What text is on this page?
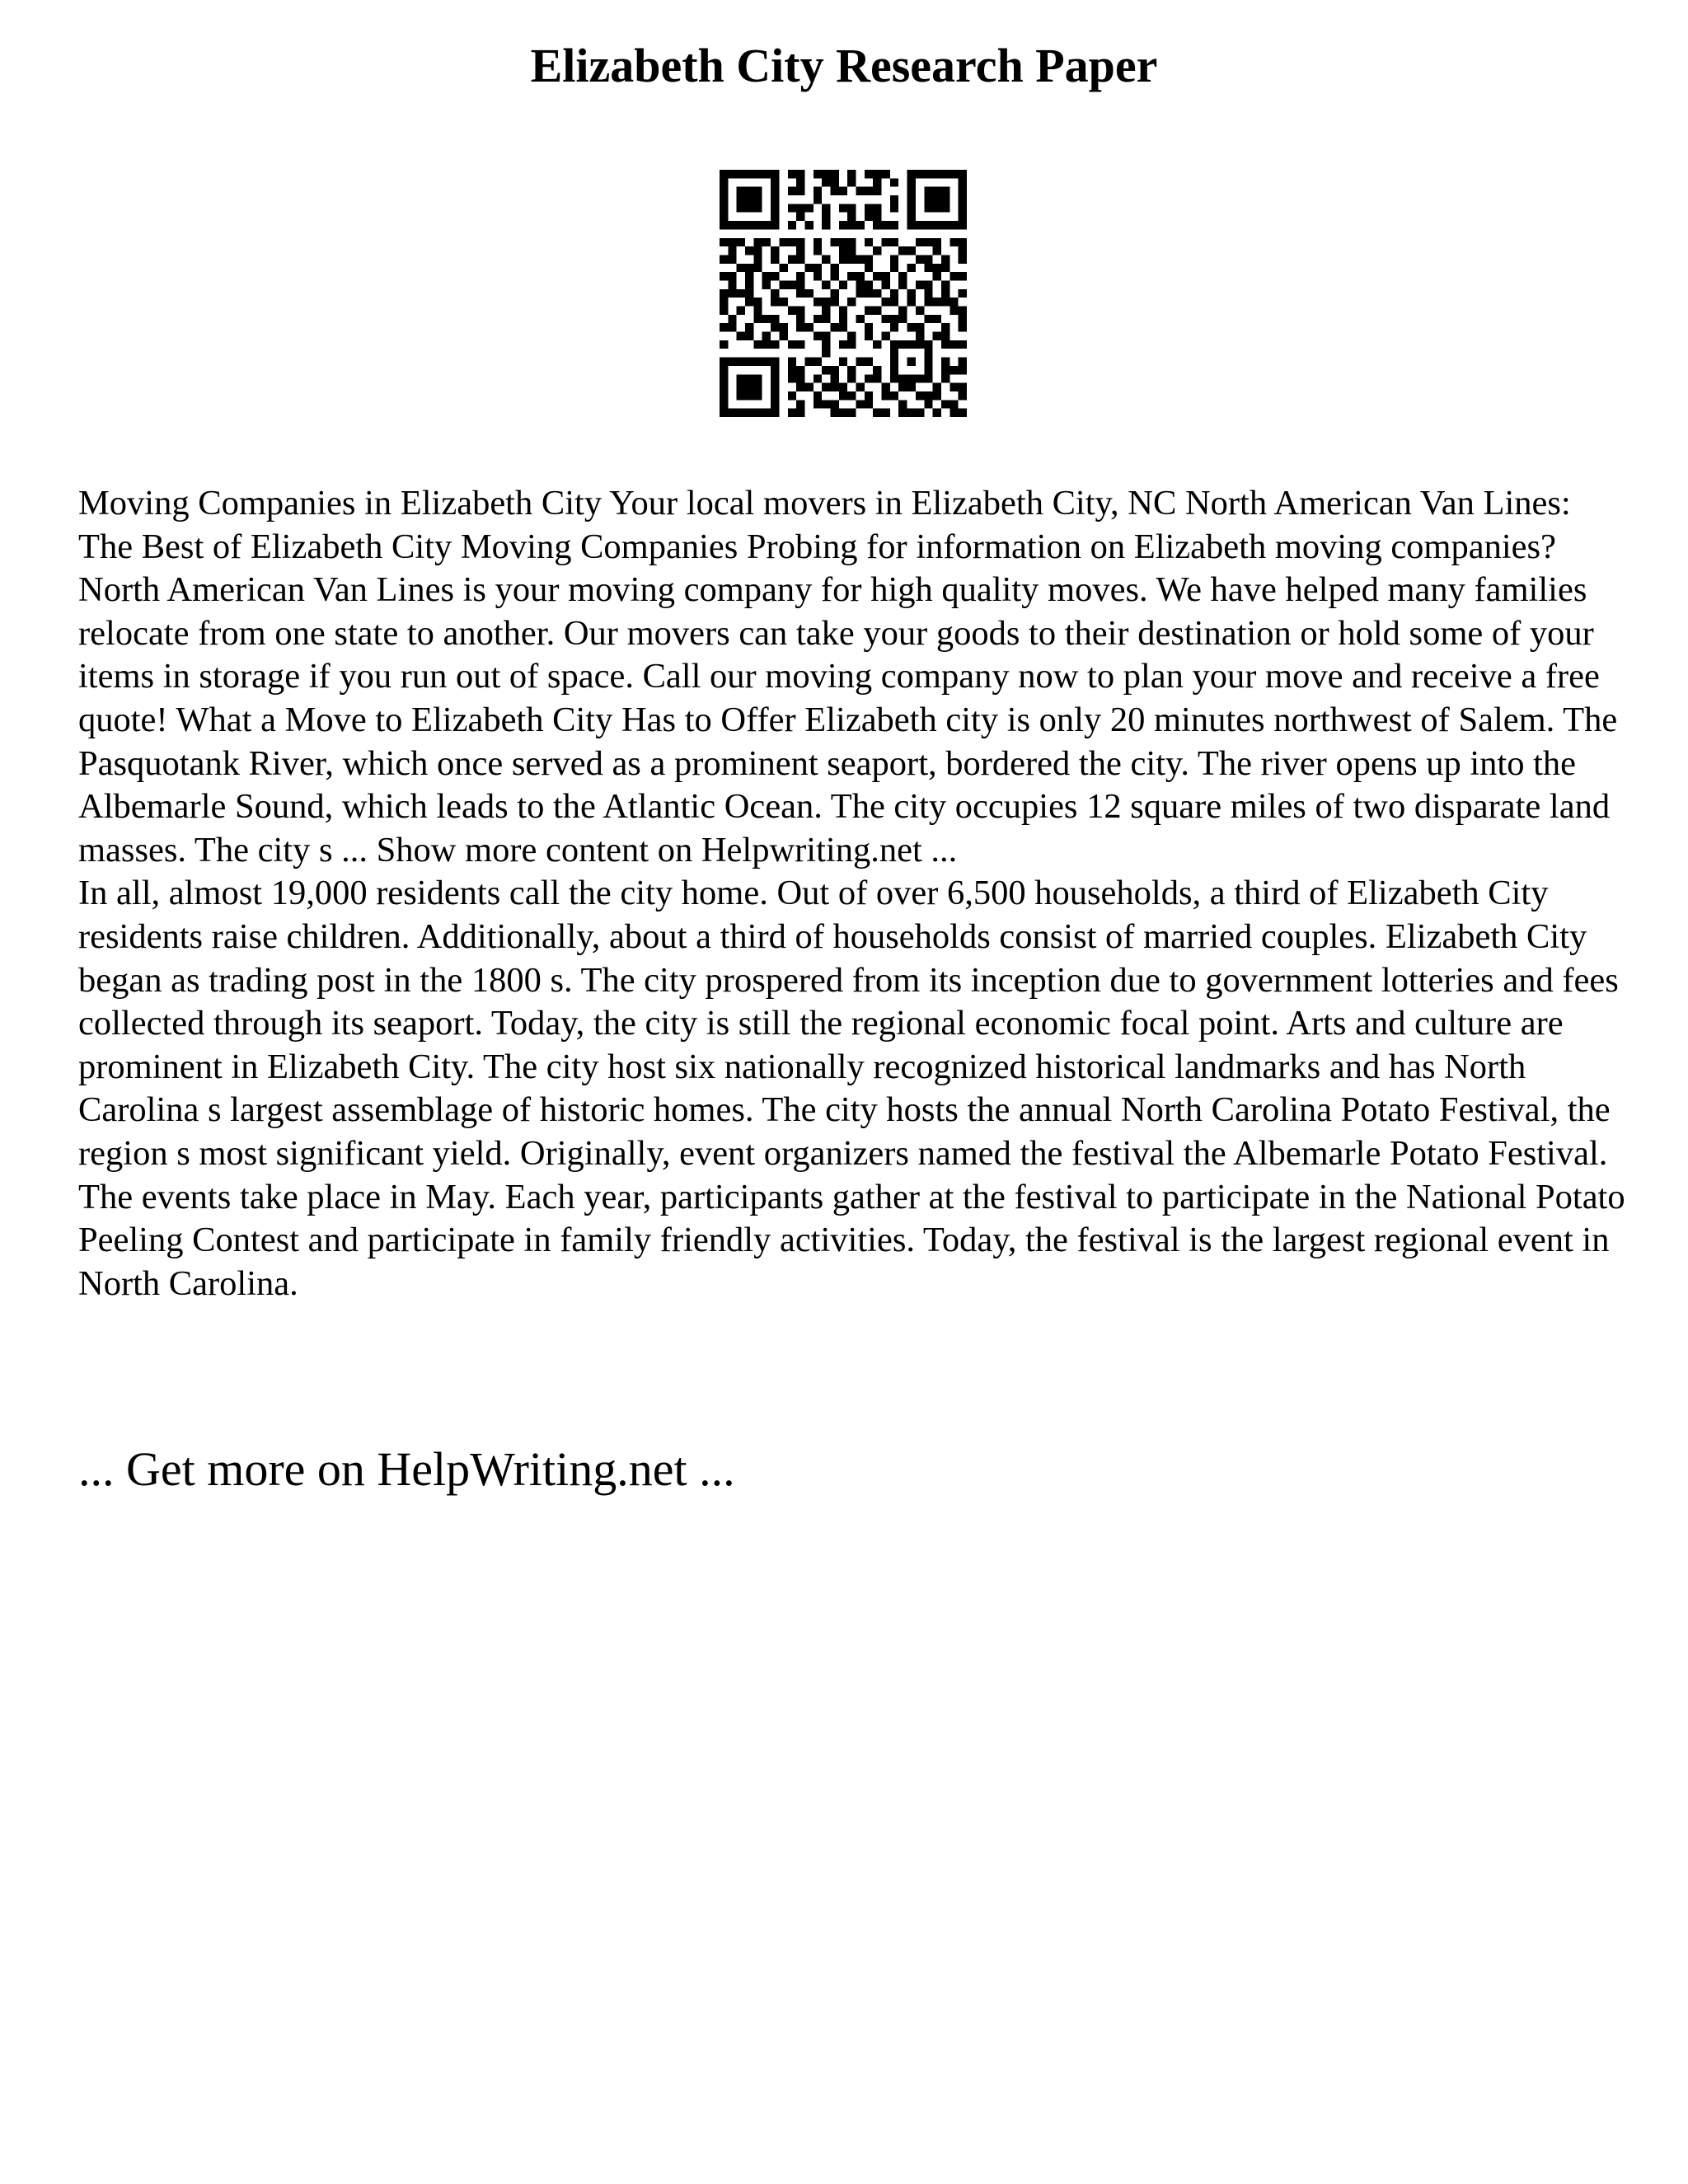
Elizabeth City Research Paper

Moving Companies in Elizabeth City Your local movers in Elizabeth City, NC North American Van Lines: The Best of Elizabeth City Moving Companies Probing for information on Elizabeth moving companies? North American Van Lines is your moving company for high quality moves. We have helped many families relocate from one state to another. Our movers can take your goods to their destination or hold some of your items in storage if you run out of space. Call our moving company now to plan your move and receive a free quote! What a Move to Elizabeth City Has to Offer Elizabeth city is only 20 minutes northwest of Salem. The Pasquotank River, which once served as a prominent seaport, bordered the city. The river opens up into the Albemarle Sound, which leads to the Atlantic Ocean. The city occupies 12 square miles of two disparate land masses. The city s ... Show more content on Helpwriting.net ...

In all, almost 19,000 residents call the city home. Out of over 6,500 households, a third of Elizabeth City residents raise children. Additionally, about a third of households consist of married couples. Elizabeth City began as trading post in the 1800 s. The city prospered from its inception due to government lotteries and fees collected through its seaport. Today, the city is still the regional economic focal point. Arts and culture are prominent in Elizabeth City. The city host six nationally recognized historical landmarks and has North Carolina s largest assemblage of historic homes. The city hosts the annual North Carolina Potato Festival, the region s most significant yield. Originally, event organizers named the festival the Albemarle Potato Festival. The events take place in May. Each year, participants gather at the festival to participate in the National Potato Peeling Contest and participate in family friendly activities. Today, the festival is the largest regional event in North Carolina.

... Get more on HelpWriting.net ...
